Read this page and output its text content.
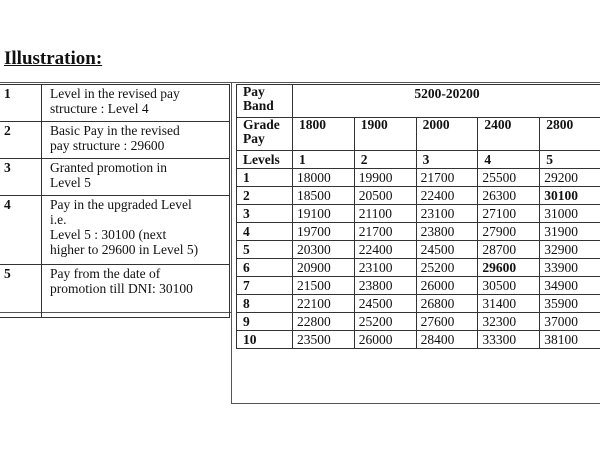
Illustration:
1	Level in the revised pay
structure : Level 4
2	Basic Pay in the revised
pay structure : 29600
3	Granted promotion in
Level 5
4	Pay in the upgraded Level
i.e.
Level 5 : 30100 (next
higher to 29600 in Level 5)
5	Pay from the date of
promotion till DNI: 30100
Pay
Band	5200-20200				
Grade
Pay	1800	1900	2000	2400	2800
Levels	1	2	3	4	5
1	18000	19900	21700	25500	29200
2	18500	20500	22400	26300	30100
3	19100	21100	23100	27100	31000
4	19700	21700	23800	27900	31900
5	20300	22400	24500	28700	32900
6	20900	23100	25200	29600	33900
7	21500	23800	26000	30500	34900
8	22100	24500	26800	31400	35900
9	22800	25200	27600	32300	37000
10	23500	26000	28400	33300	38100
